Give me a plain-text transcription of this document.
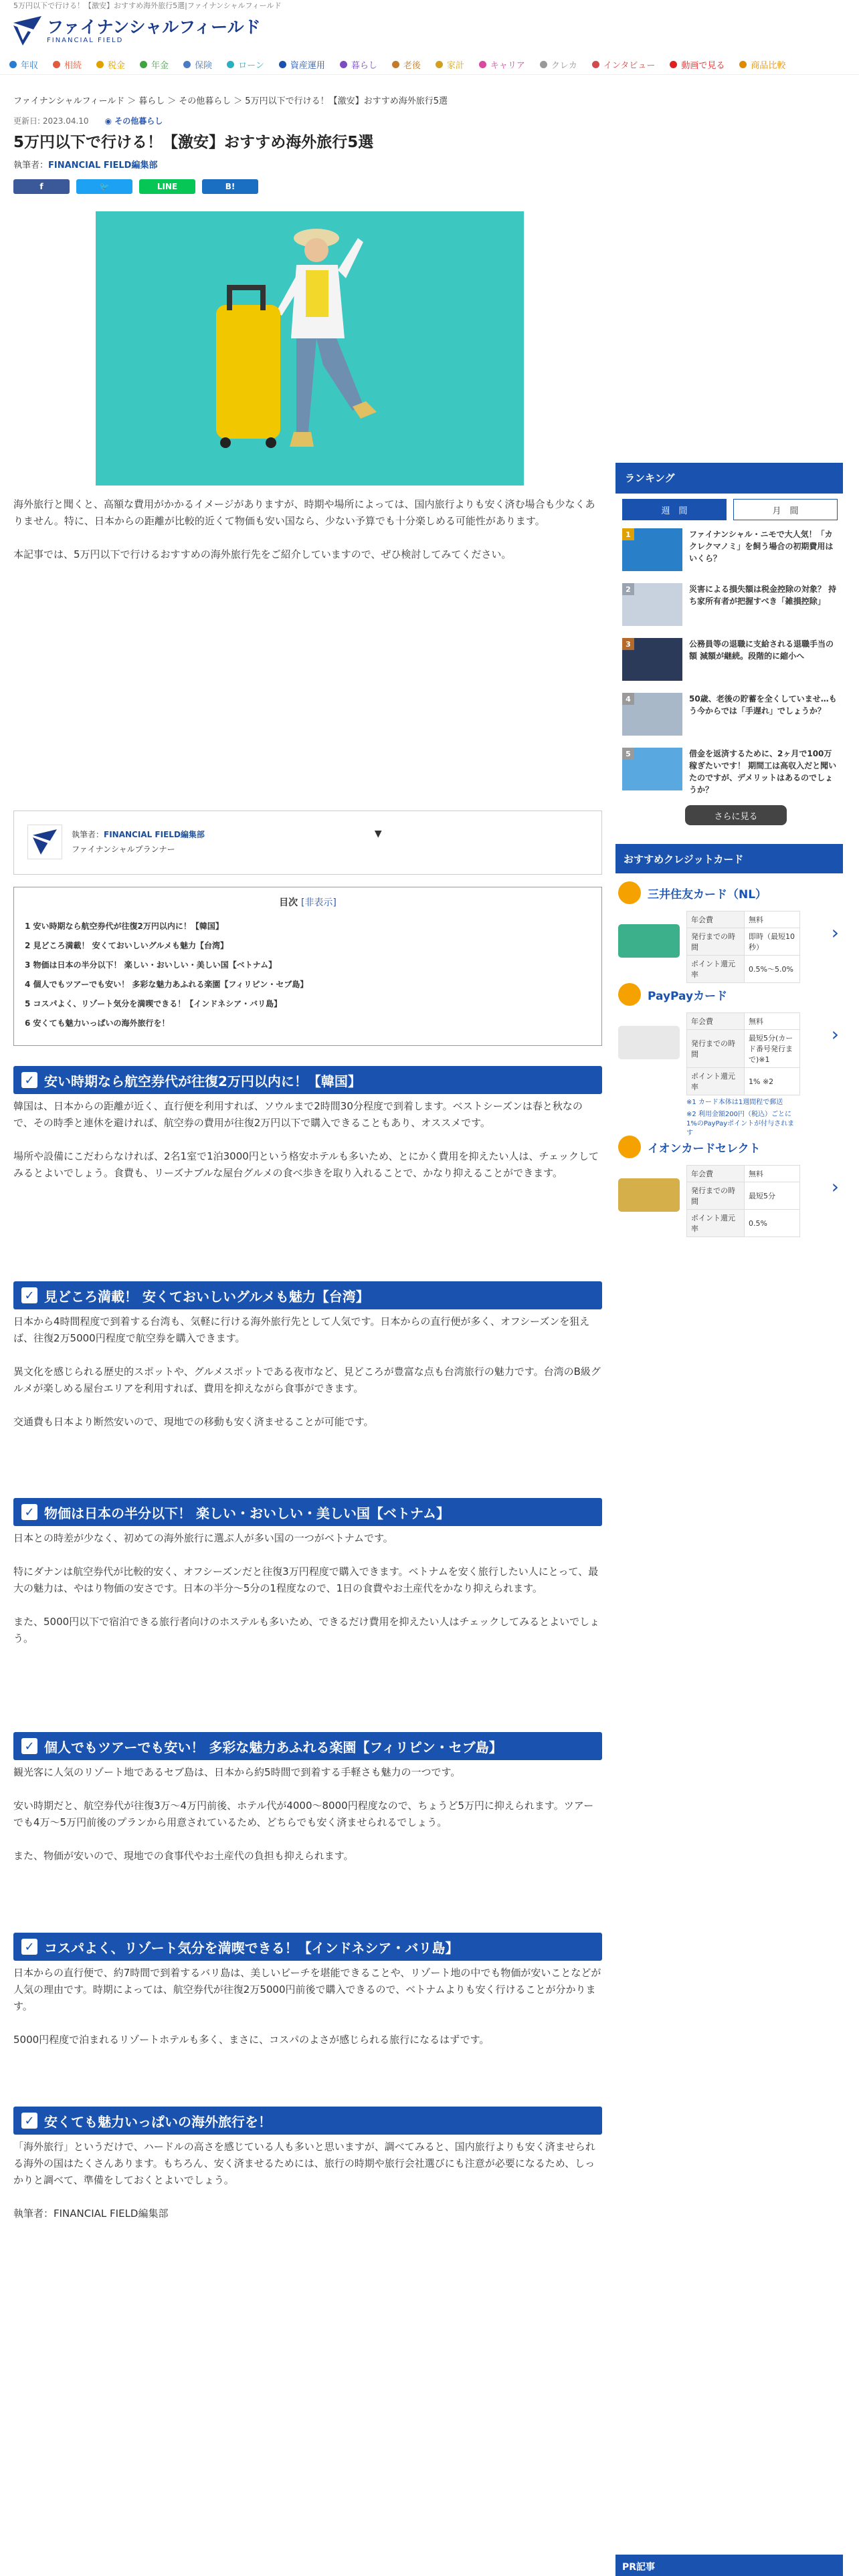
5万円以下で行ける！【激安】おすすめ海外旅行5選|ファイナンシャルフィールド
ファイナンシャルフィールド
FINANCIAL FIELD
年収	相続	税金	年金	保険	ローン	資産運用	暮らし	老後	家計	キャリア	クレカ	インタビュー	動画で見る	商品比較
ファイナンシャルフィールド ＞ 暮らし ＞ その他暮らし ＞ 5万円以下で行ける！【激安】おすすめ海外旅行5選
更新日: 2023.04.10 ◉ その他暮らし
5万円以下で行ける！【激安】おすすめ海外旅行5選
執筆者：FINANCIAL FIELD編集部
f	🐦	LINE	B!

海外旅行と聞くと、高額な費用がかかるイメージがありますが、時期や場所によっては、国内旅行よりも安く済む場合も少なくありません。特に、日本からの距離が比較的近くて物価も安い国なら、少ない予算でも十分楽しめる可能性があります。

本記事では、5万円以下で行けるおすすめの海外旅行先をご紹介していますので、ぜひ検討してみてください。

執筆者：FINANCIAL FIELD編集部
ファイナンシャルプランナー
▼
目次 [非表示]
1 安い時期なら航空券代が往復2万円以内に！【韓国】
2 見どころ満載！ 安くておいしいグルメも魅力【台湾】
3 物価は日本の半分以下！ 楽しい・おいしい・美しい国【ベトナム】
4 個人でもツアーでも安い！ 多彩な魅力あふれる楽園【フィリピン・セブ島】
5 コスパよく、リゾート気分を満喫できる！【インドネシア・バリ島】
6 安くても魅力いっぱいの海外旅行を！
✓ 安い時期なら航空券代が往復2万円以内に！【韓国】

韓国は、日本からの距離が近く、直行便を利用すれば、ソウルまで2時間30分程度で到着します。ベストシーズンは春と秋なので、その時季と連休を避ければ、航空券の費用が往復2万円以下で購入できることもあり、オススメです。

場所や設備にこだわらなければ、2名1室で1泊3000円という格安ホテルも多いため、とにかく費用を抑えたい人は、チェックしてみるとよいでしょう。食費も、リーズナブルな屋台グルメの食べ歩きを取り入れることで、かなり抑えることができます。

✓ 見どころ満載！ 安くておいしいグルメも魅力【台湾】

日本から4時間程度で到着する台湾も、気軽に行ける海外旅行先として人気です。日本からの直行便が多く、オフシーズンを狙えば、往復2万5000円程度で航空券を購入できます。

異文化を感じられる歴史的スポットや、グルメスポットである夜市など、見どころが豊富な点も台湾旅行の魅力です。台湾のB級グルメが楽しめる屋台エリアを利用すれば、費用を抑えながら食事ができます。

交通費も日本より断然安いので、現地での移動も安く済ませることが可能です。

✓ 物価は日本の半分以下！ 楽しい・おいしい・美しい国【ベトナム】

日本との時差が少なく、初めての海外旅行に選ぶ人が多い国の一つがベトナムです。

特にダナンは航空券代が比較的安く、オフシーズンだと往復3万円程度で購入できます。ベトナムを安く旅行したい人にとって、最大の魅力は、やはり物価の安さです。日本の半分～5分の1程度なので、1日の食費やお土産代をかなり抑えられます。

また、5000円以下で宿泊できる旅行者向けのホステルも多いため、できるだけ費用を抑えたい人はチェックしてみるとよいでしょう。

✓ 個人でもツアーでも安い！ 多彩な魅力あふれる楽園【フィリピン・セブ島】

観光客に人気のリゾート地であるセブ島は、日本から約5時間で到着する手軽さも魅力の一つです。

安い時期だと、航空券代が往復3万～4万円前後、ホテル代が4000～8000円程度なので、ちょうど5万円に抑えられます。ツアーでも4万～5万円前後のプランから用意されているため、どちらでも安く済ませられるでしょう。

また、物価が安いので、現地での食事代やお土産代の負担も抑えられます。

✓ コスパよく、リゾート気分を満喫できる！【インドネシア・バリ島】

日本からの直行便で、約7時間で到着するバリ島は、美しいビーチを堪能できることや、リゾート地の中でも物価が安いことなどが人気の理由です。時期によっては、航空券代が往復2万5000円前後で購入できるので、ベトナムよりも安く行けることが分かります。

5000円程度で泊まれるリゾートホテルも多く、まさに、コスパのよさが感じられる旅行になるはずです。

✓ 安くても魅力いっぱいの海外旅行を！

「海外旅行」というだけで、ハードルの高さを感じている人も多いと思いますが、調べてみると、国内旅行よりも安く済ませられる海外の国はたくさんあります。もちろん、安く済ませるためには、旅行の時期や旅行会社選びにも注意が必要になるため、しっかりと調べて、準備をしておくとよいでしょう。

執筆者：FINANCIAL FIELD編集部

ランキング
週　間	月　間
1	ファイナンシャル・ニモで大人気！「カクレクマノミ」を飼う場合の初期費用はいくら？
2	災害による損失額は税金控除の対象？ 持ち家所有者が把握すべき「雑損控除」
3	公務員等の退職に支給される退職手当の額 減額が継続。段階的に縮小へ
4	50歳、老後の貯蓄を全くしていませ…もう今からでは「手遅れ」でしょうか？
5	借金を返済するために、2ヶ月で100万稼ぎたいです！ 期間工は高収入だと聞いたのですが、デメリットはあるのでしょうか？
さらに見る
おすすめクレジットカード
三井住友カード（NL）
年会費	無料
発行までの時間	即時（最短10秒）
ポイント還元率	0.5%～5.0%
›
PayPayカード
年会費	無料
発行までの時間	最短5分(カード番号発行まで)※1
ポイント還元率	1% ※2
※1 カード本体は1週間程で郵送
※2 利用金額200円（税込）ごとに1%のPayPayポイントが付与されます
›
イオンカードセレクト
年会費	無料
発行までの時間	最短5分
ポイント還元率	0.5%
›
PR記事
